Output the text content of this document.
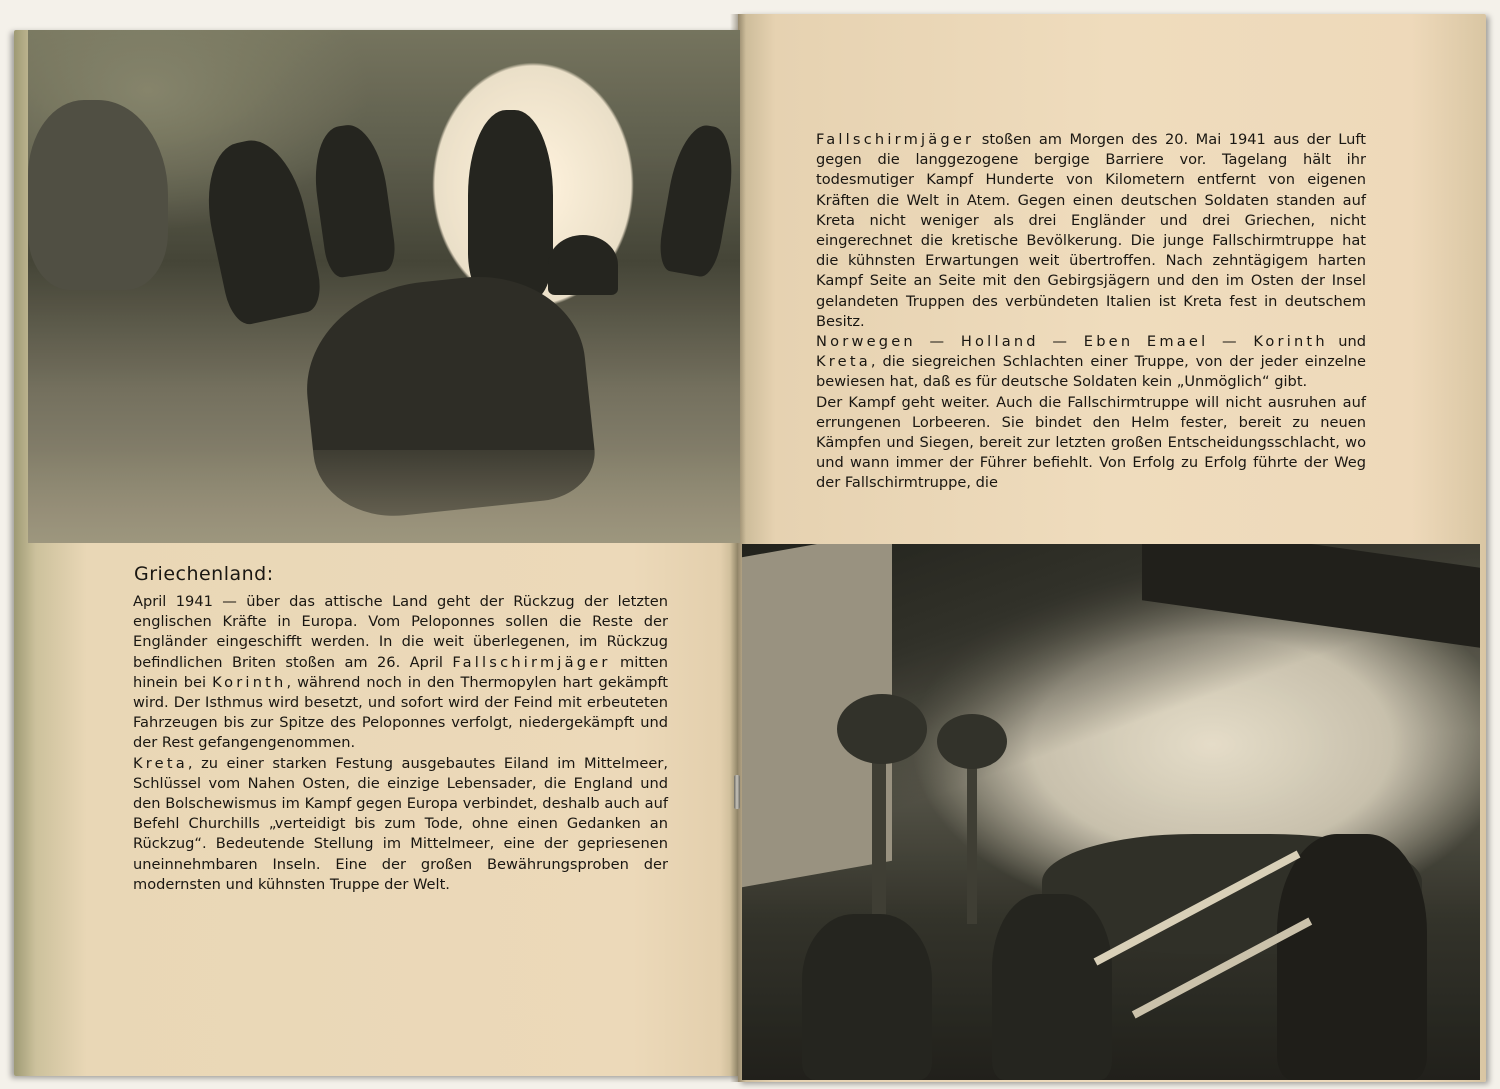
Griechenland:

April 1941 — über das attische Land geht der Rückzug der letzten englischen Kräfte in Europa. Vom Peloponnes sollen die Reste der Engländer eingeschifft werden. In die weit überlegenen, im Rückzug befindlichen Briten stoßen am 26. April Fallschirmjäger mitten hinein bei Korinth, während noch in den Thermopylen hart gekämpft wird. Der Isthmus wird besetzt, und sofort wird der Feind mit erbeuteten Fahrzeugen bis zur Spitze des Peloponnes verfolgt, niedergekämpft und der Rest gefangengenommen.

Kreta, zu einer starken Festung ausgebautes Eiland im Mittelmeer, Schlüssel vom Nahen Osten, die einzige Lebensader, die England und den Bolschewismus im Kampf gegen Europa verbindet, deshalb auch auf Befehl Churchills „verteidigt bis zum Tode, ohne einen Gedanken an Rückzug“. Bedeutende Stellung im Mittelmeer, eine der gepriesenen uneinnehmbaren Inseln. Eine der großen Bewährungsproben der modernsten und kühnsten Truppe der Welt.

Fallschirmjäger stoßen am Morgen des 20. Mai 1941 aus der Luft gegen die langgezogene bergige Barriere vor. Tagelang hält ihr todesmutiger Kampf Hunderte von Kilometern entfernt von eigenen Kräften die Welt in Atem. Gegen einen deutschen Soldaten standen auf Kreta nicht weniger als drei Engländer und drei Griechen, nicht eingerechnet die kretische Bevölkerung. Die junge Fallschirmtruppe hat die kühnsten Erwartungen weit übertroffen. Nach zehntägigem harten Kampf Seite an Seite mit den Gebirgsjägern und den im Osten der Insel gelandeten Truppen des verbündeten Italien ist Kreta fest in deutschem Besitz.

Norwegen — Holland — Eben Emael — Korinth und Kreta, die siegreichen Schlachten einer Truppe, von der jeder einzelne bewiesen hat, daß es für deutsche Soldaten kein „Unmöglich“ gibt.

Der Kampf geht weiter. Auch die Fallschirmtruppe will nicht ausruhen auf errungenen Lorbeeren. Sie bindet den Helm fester, bereit zu neuen Kämpfen und Siegen, bereit zur letzten großen Entscheidungsschlacht, wo und wann immer der Führer befiehlt. Von Erfolg zu Erfolg führte der Weg der Fallschirmtruppe, die
